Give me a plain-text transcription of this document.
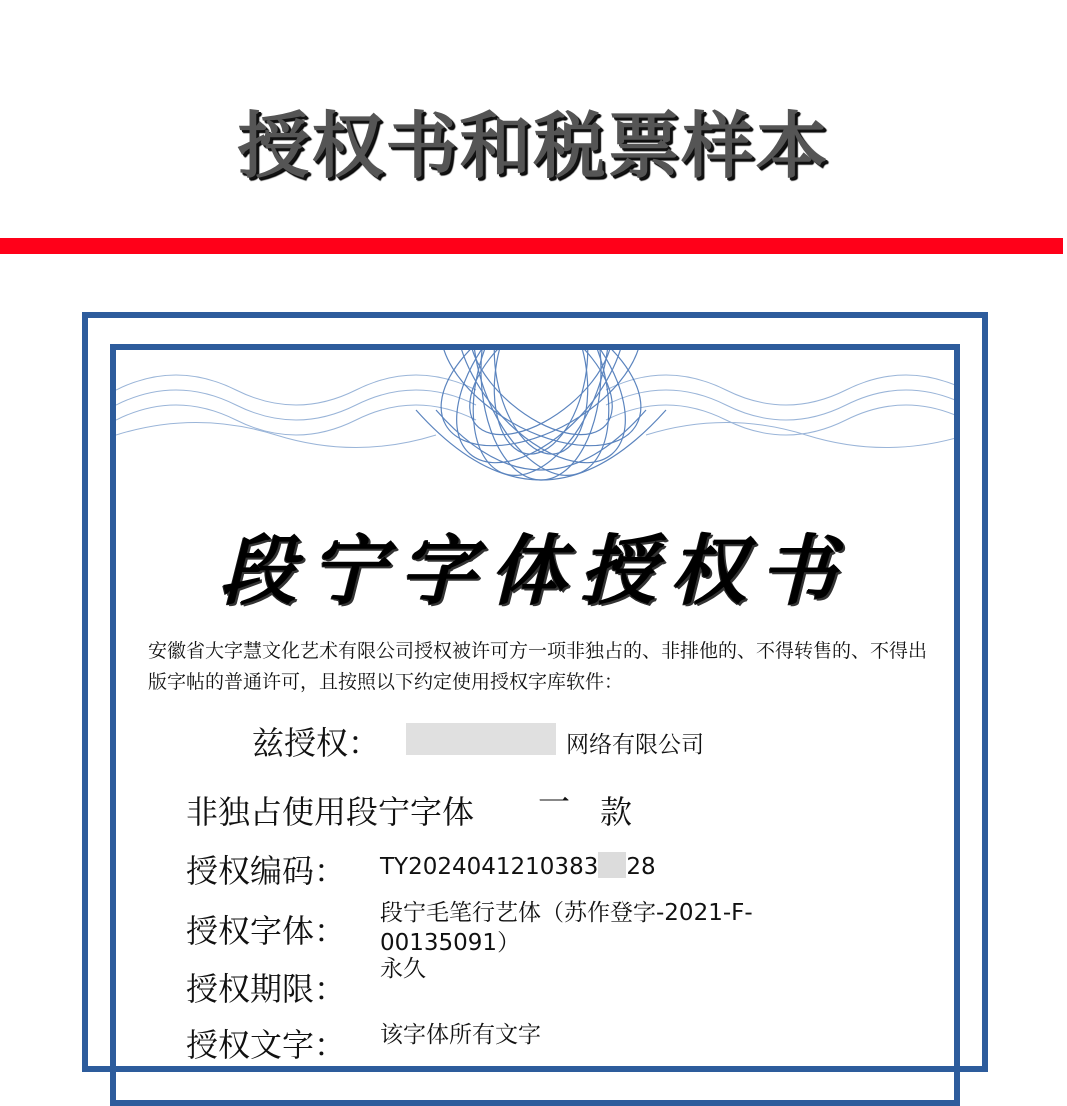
授权书和税票样本
段宁字体授权书
安徽省大字慧文化艺术有限公司授权被许可方一项非独占的、非排他的、不得转售的、不得出版字帖的普通许可，且按照以下约定使用授权字库软件：
兹授权：	网络有限公司
非独占使用段宁字体 一 款
授权编码： TY2024041210383 28
授权字体： 段宁毛笔行艺体（苏作登字-2021-F-00135091）
授权期限：
永久
授权文字： 该字体所有文字
